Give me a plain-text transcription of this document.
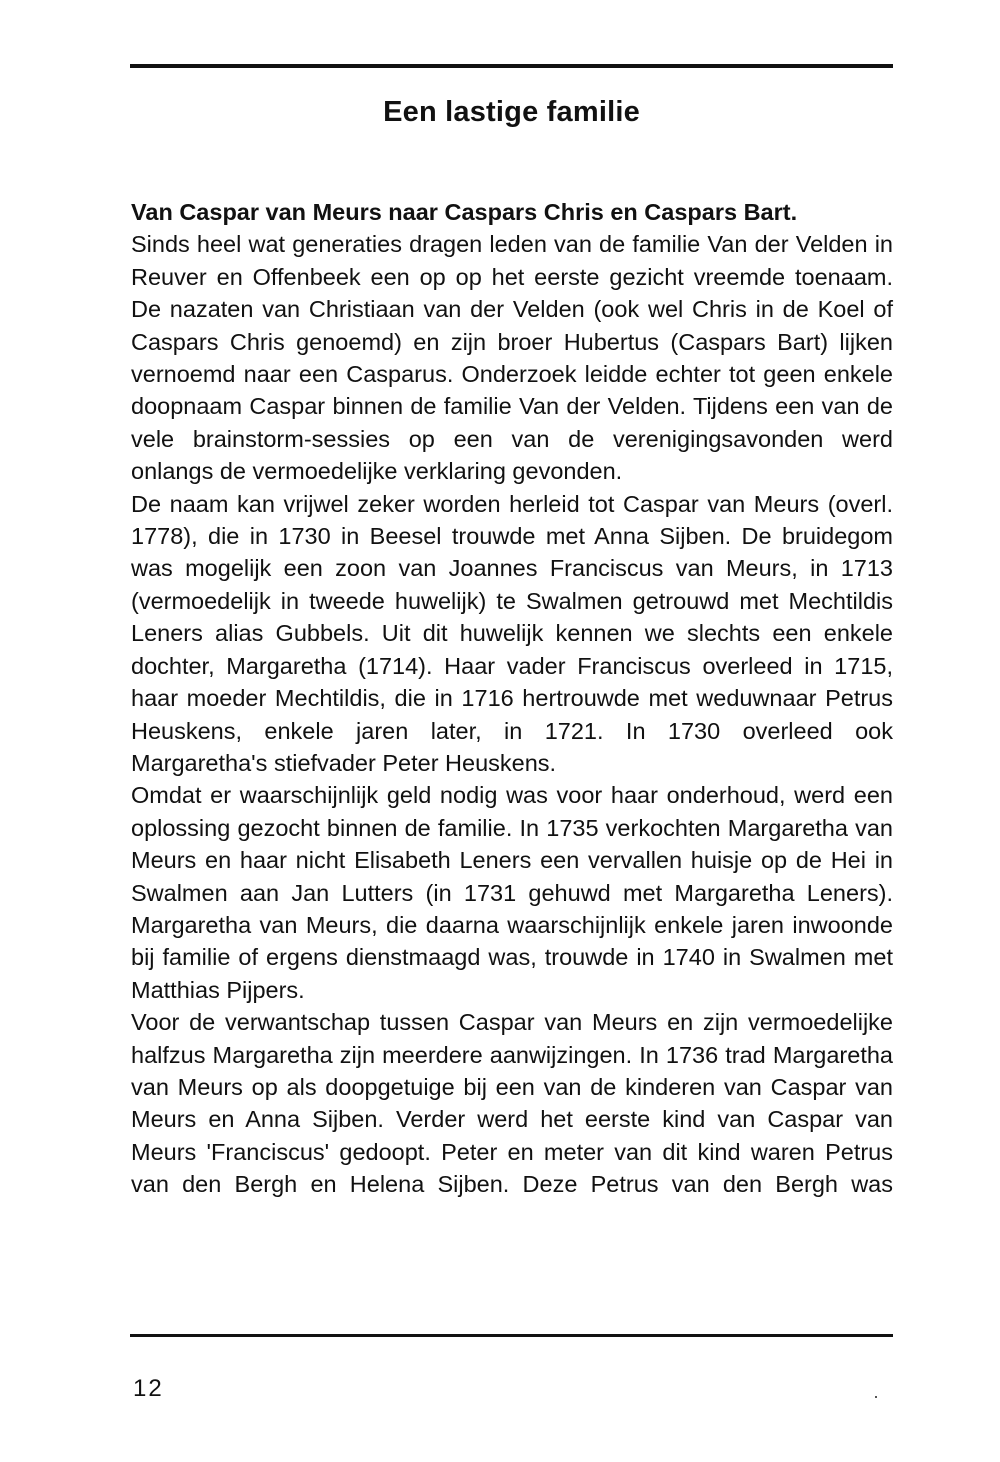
Een lastige familie

Van Caspar van Meurs naar Caspars Chris en Caspars Bart.

Sinds heel wat generaties dragen leden van de familie Van der Velden in Reuver en Offenbeek een op op het eerste gezicht vreemde toenaam. De nazaten van Christiaan van der Velden (ook wel Chris in de Koel of Caspars Chris genoemd) en zijn broer Hubertus (Caspars Bart) lijken vernoemd naar een Casparus. Onderzoek leidde echter tot geen enkele doopnaam Caspar binnen de familie Van der Velden. Tijdens een van de vele brainstorm-sessies op een van de verenigingsavonden werd onlangs de vermoedelijke verklaring gevonden.

De naam kan vrijwel zeker worden herleid tot Caspar van Meurs (overl. 1778), die in 1730 in Beesel trouwde met Anna Sijben. De bruidegom was mogelijk een zoon van Joannes Franciscus van Meurs, in 1713 (vermoedelijk in tweede huwelijk) te Swalmen getrouwd met Mechtildis Leners alias Gubbels. Uit dit huwelijk kennen we slechts een enkele dochter, Margaretha (1714). Haar vader Franciscus overleed in 1715, haar moeder Mechtildis, die in 1716 hertrouwde met weduwnaar Petrus Heuskens, enkele jaren later, in 1721. In 1730 overleed ook Margaretha's stiefvader Peter Heuskens.

Omdat er waarschijnlijk geld nodig was voor haar onderhoud, werd een oplossing gezocht binnen de familie. In 1735 verkochten Margaretha van Meurs en haar nicht Elisabeth Leners een vervallen huisje op de Hei in Swalmen aan Jan Lutters (in 1731 gehuwd met Margaretha Leners). Margaretha van Meurs, die daarna waarschijnlijk enkele jaren inwoonde bij familie of ergens dienstmaagd was, trouwde in 1740 in Swalmen met Matthias Pijpers.

Voor de verwantschap tussen Caspar van Meurs en zijn vermoedelijke halfzus Margaretha zijn meerdere aanwijzingen. In 1736 trad Margaretha van Meurs op als doopgetuige bij een van de kinderen van Caspar van Meurs en Anna Sijben. Verder werd het eerste kind van Caspar van Meurs 'Franciscus' gedoopt. Peter en meter van dit kind waren Petrus van den Bergh en Helena Sijben. Deze Petrus van den Bergh was

12
